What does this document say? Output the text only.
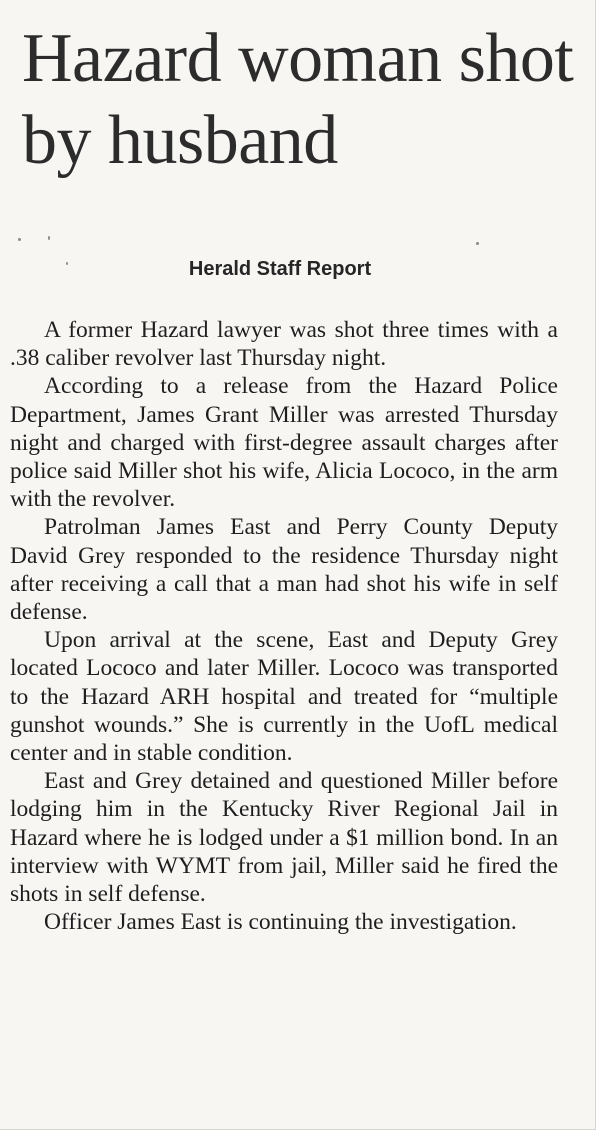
Hazard woman shot by husband
Herald Staff Report

A former Hazard lawyer was shot three times with a .38 caliber revolver last Thursday night.

According to a release from the Hazard Police Department, James Grant Miller was arrested Thursday night and charged with first-degree assault charges after police said Miller shot his wife, Alicia Lococo, in the arm with the revolver.

Patrolman James East and Perry County Deputy David Grey responded to the residence Thursday night after receiving a call that a man had shot his wife in self defense.

Upon arrival at the scene, East and Deputy Grey located Lococo and later Miller. Lococo was transported to the Hazard ARH hospital and treated for “multiple gunshot wounds.” She is currently in the UofL medical center and in stable condition.

East and Grey detained and questioned Miller before lodging him in the Kentucky River Regional Jail in Hazard where he is lodged under a $1 million bond. In an interview with WYMT from jail, Miller said he fired the shots in self defense.

Officer James East is continuing the investigation.
